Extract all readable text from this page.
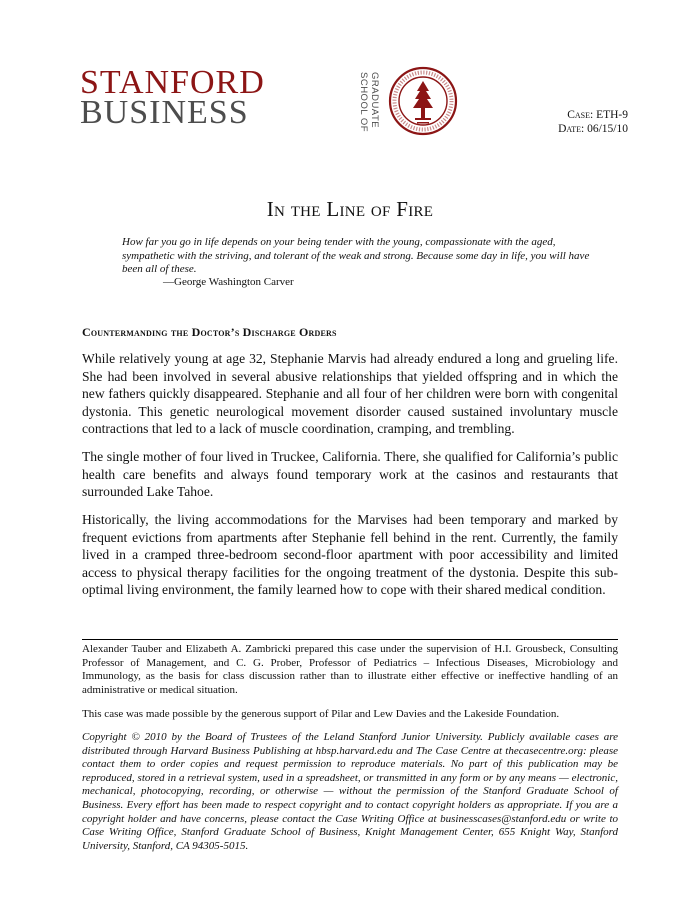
STANFORD
BUSINESS	GRADUATE
SCHOOL OF	Case: ETH-9
Date: 06/15/10
In the Line of Fire
How far you go in life depends on your being tender with the young, compassionate with the aged, sympathetic with the striving, and tolerant of the weak and strong. Because some day in life, you will have been all of these.
—George Washington Carver
Countermanding the Doctor’s Discharge Orders
While relatively young at age 32, Stephanie Marvis had already endured a long and grueling life. She had been involved in several abusive relationships that yielded offspring and in which the new fathers quickly disappeared. Stephanie and all four of her children were born with congenital dystonia. This genetic neurological movement disorder caused sustained involuntary muscle contractions that led to a lack of muscle coordination, cramping, and trembling.
The single mother of four lived in Truckee, California. There, she qualified for California’s public health care benefits and always found temporary work at the casinos and restaurants that surrounded Lake Tahoe.
Historically, the living accommodations for the Marvises had been temporary and marked by frequent evictions from apartments after Stephanie fell behind in the rent. Currently, the family lived in a cramped three-bedroom second-floor apartment with poor accessibility and limited access to physical therapy facilities for the ongoing treatment of the dystonia. Despite this sub-optimal living environment, the family learned how to cope with their shared medical condition.
Alexander Tauber and Elizabeth A. Zambricki prepared this case under the supervision of H.I. Grousbeck, Consulting Professor of Management, and C. G. Prober, Professor of Pediatrics – Infectious Diseases, Microbiology and Immunology, as the basis for class discussion rather than to illustrate either effective or ineffective handling of an administrative or medical situation.
This case was made possible by the generous support of Pilar and Lew Davies and the Lakeside Foundation.
Copyright © 2010 by the Board of Trustees of the Leland Stanford Junior University. Publicly available cases are distributed through Harvard Business Publishing at hbsp.harvard.edu and The Case Centre at thecasecentre.org: please contact them to order copies and request permission to reproduce materials. No part of this publication may be reproduced, stored in a retrieval system, used in a spreadsheet, or transmitted in any form or by any means — electronic, mechanical, photocopying, recording, or otherwise — without the permission of the Stanford Graduate School of Business. Every effort has been made to respect copyright and to contact copyright holders as appropriate. If you are a copyright holder and have concerns, please contact the Case Writing Office at businesscases@stanford.edu or write to Case Writing Office, Stanford Graduate School of Business, Knight Management Center, 655 Knight Way, Stanford University, Stanford, CA 94305-5015.
